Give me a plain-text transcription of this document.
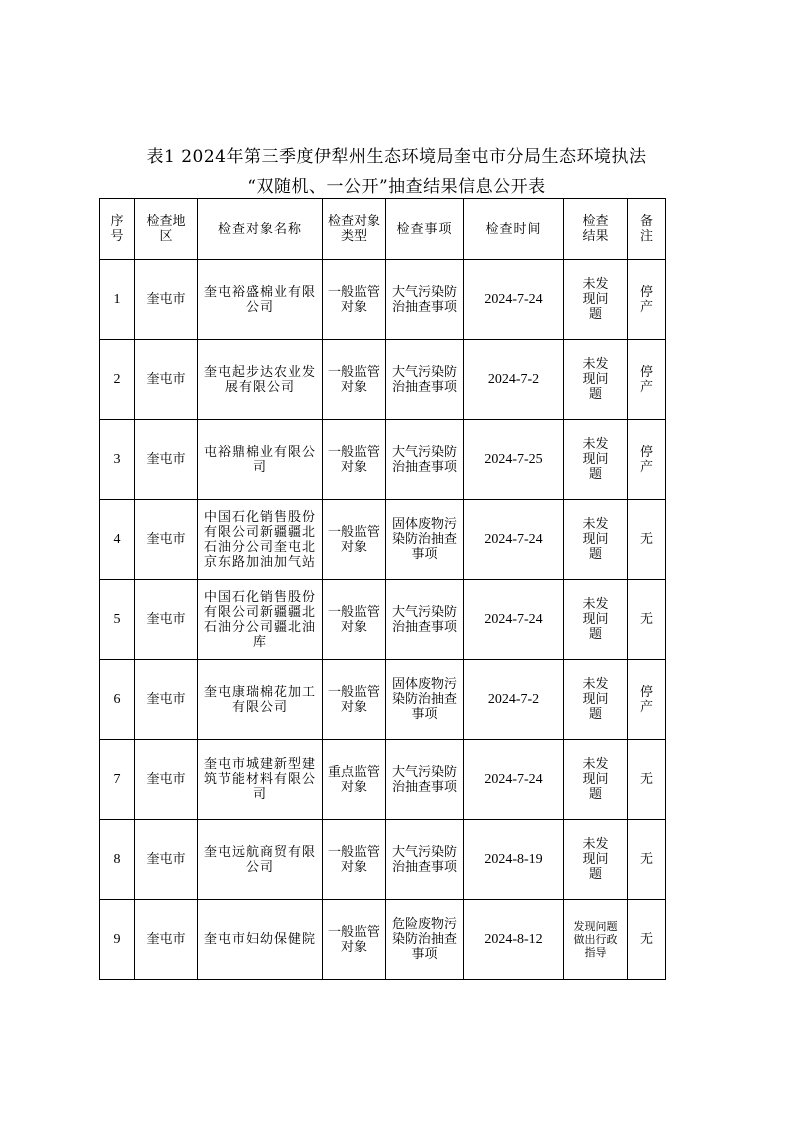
表1 2024年第三季度伊犁州生态环境局奎屯市分局生态环境执法
“双随机、一公开”抽查结果信息公开表
序号	检查地区	检查对象名称	检查对象类型	检查事项	检查时间	检查结果	备注
1	奎屯市	奎屯裕盛棉业有限公司	一般监管对象	大气污染防治抽查事项	2024-7-24	未发现问题	停产
2	奎屯市	奎屯起步达农业发展有限公司	一般监管对象	大气污染防治抽查事项	2024-7-2	未发现问题	停产
3	奎屯市	屯裕鼎棉业有限公司	一般监管对象	大气污染防治抽查事项	2024-7-25	未发现问题	停产
4	奎屯市	中国石化销售股份有限公司新疆疆北石油分公司奎屯北京东路加油加气站	一般监管对象	固体废物污染防治抽查事项	2024-7-24	未发现问题	无
5	奎屯市	中国石化销售股份有限公司新疆疆北石油分公司疆北油库	一般监管对象	大气污染防治抽查事项	2024-7-24	未发现问题	无
6	奎屯市	奎屯康瑞棉花加工有限公司	一般监管对象	固体废物污染防治抽查事项	2024-7-2	未发现问题	停产
7	奎屯市	奎屯市城建新型建筑节能材料有限公司	重点监管对象	大气污染防治抽查事项	2024-7-24	未发现问题	无
8	奎屯市	奎屯远航商贸有限公司	一般监管对象	大气污染防治抽查事项	2024-8-19	未发现问题	无
9	奎屯市	奎屯市妇幼保健院	一般监管对象	危险废物污染防治抽查事项	2024-8-12	发现问题做出行政指导	无
